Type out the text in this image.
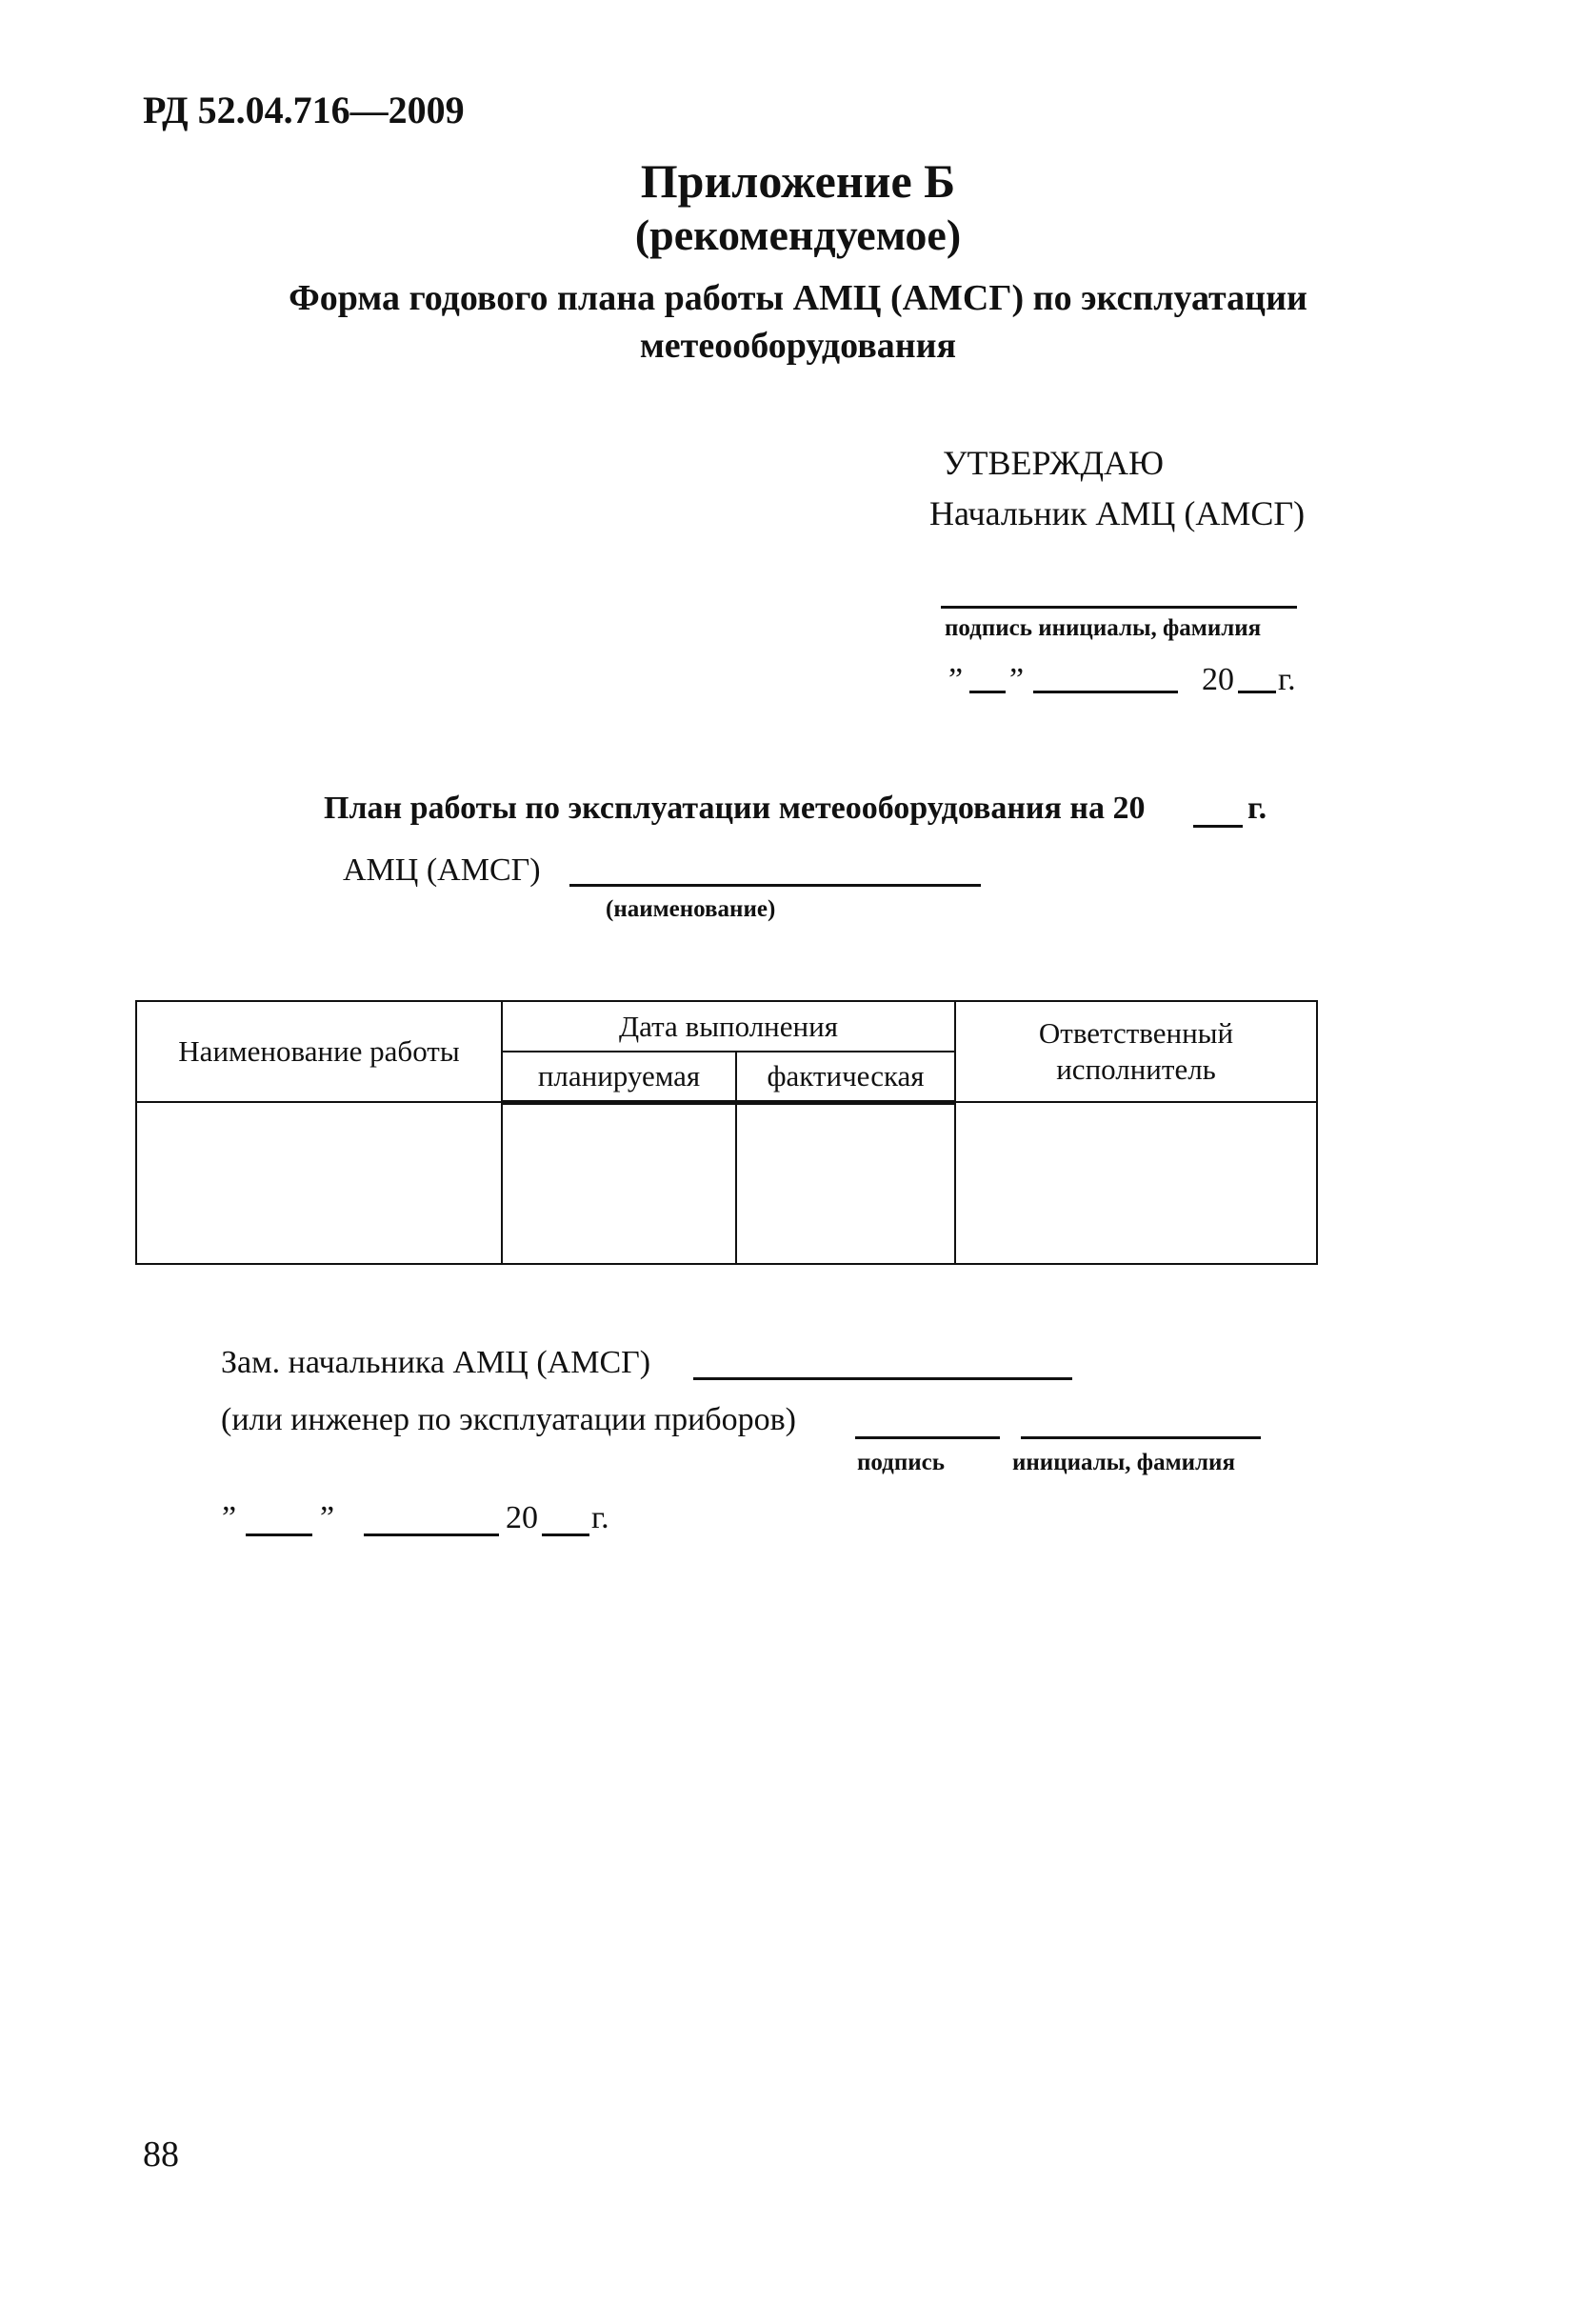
РД 52.04.716—2009
Приложение Б
(рекомендуемое)
Форма годового плана работы АМЦ (АМСГ) по эксплуатации
метеооборудования
УТВЕРЖДАЮ
Начальник АМЦ (АМСГ)
подпись инициалы, фамилия
” ”	20 г.
План работы по эксплуатации метеооборудования на 20	г.
АМЦ (АМСГ)
(наименование)
Наименование работы	Дата выполнения		Ответственный исполнитель
	планируемая	фактическая	

Зам. начальника АМЦ (АМСГ)
(или инженер по эксплуатации приборов)
подпись	инициалы, фамилия
”	”	20 г.
88
